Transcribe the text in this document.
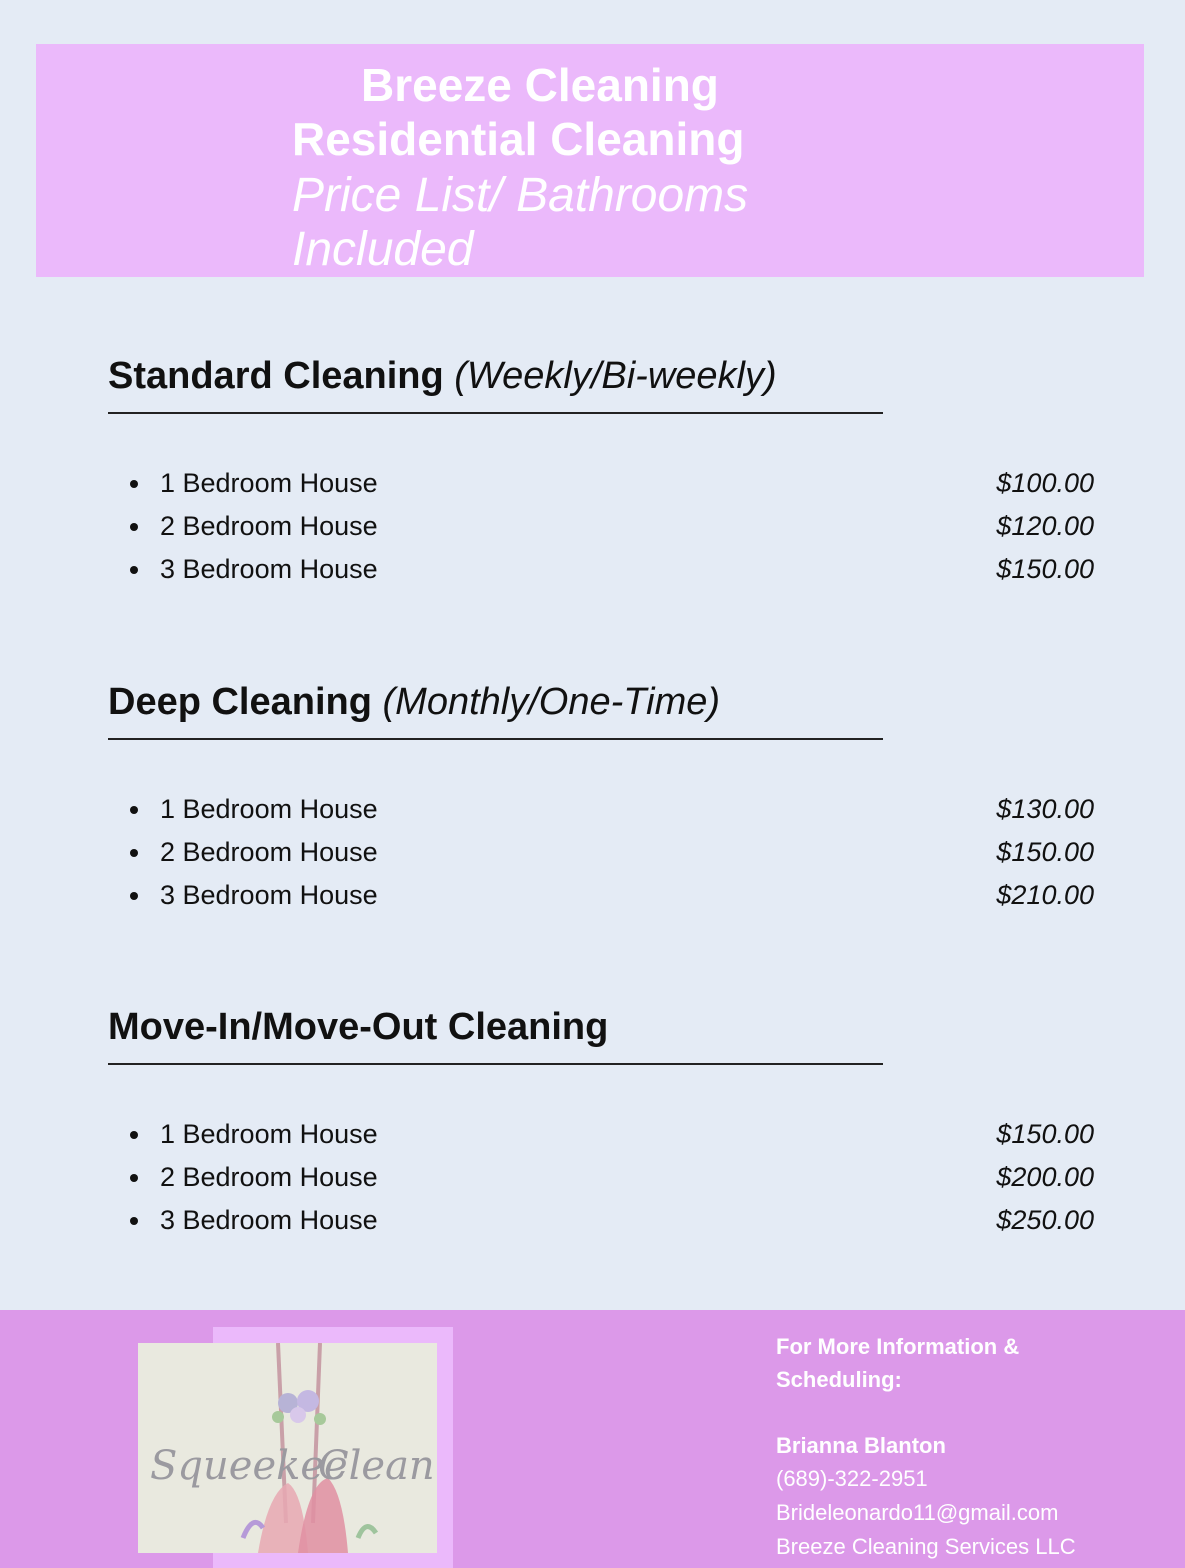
Breeze Cleaning
Residential Cleaning
Price List/ Bathrooms
Included
Standard Cleaning (Weekly/Bi-weekly)
1 Bedroom House	$100.00
2 Bedroom House	$120.00
3 Bedroom House	$150.00
Deep Cleaning (Monthly/One-Time)
1 Bedroom House	$130.00
2 Bedroom House	$150.00
3 Bedroom House	$210.00
Move-In/Move-Out Cleaning
1 Bedroom House	$150.00
2 Bedroom House	$200.00
3 Bedroom House	$250.00
Squeekee
Clean
For More Information &
Scheduling:
Brianna Blanton
(689)-322-2951
Brideleonardo11@gmail.com
Breeze Cleaning Services LLC
